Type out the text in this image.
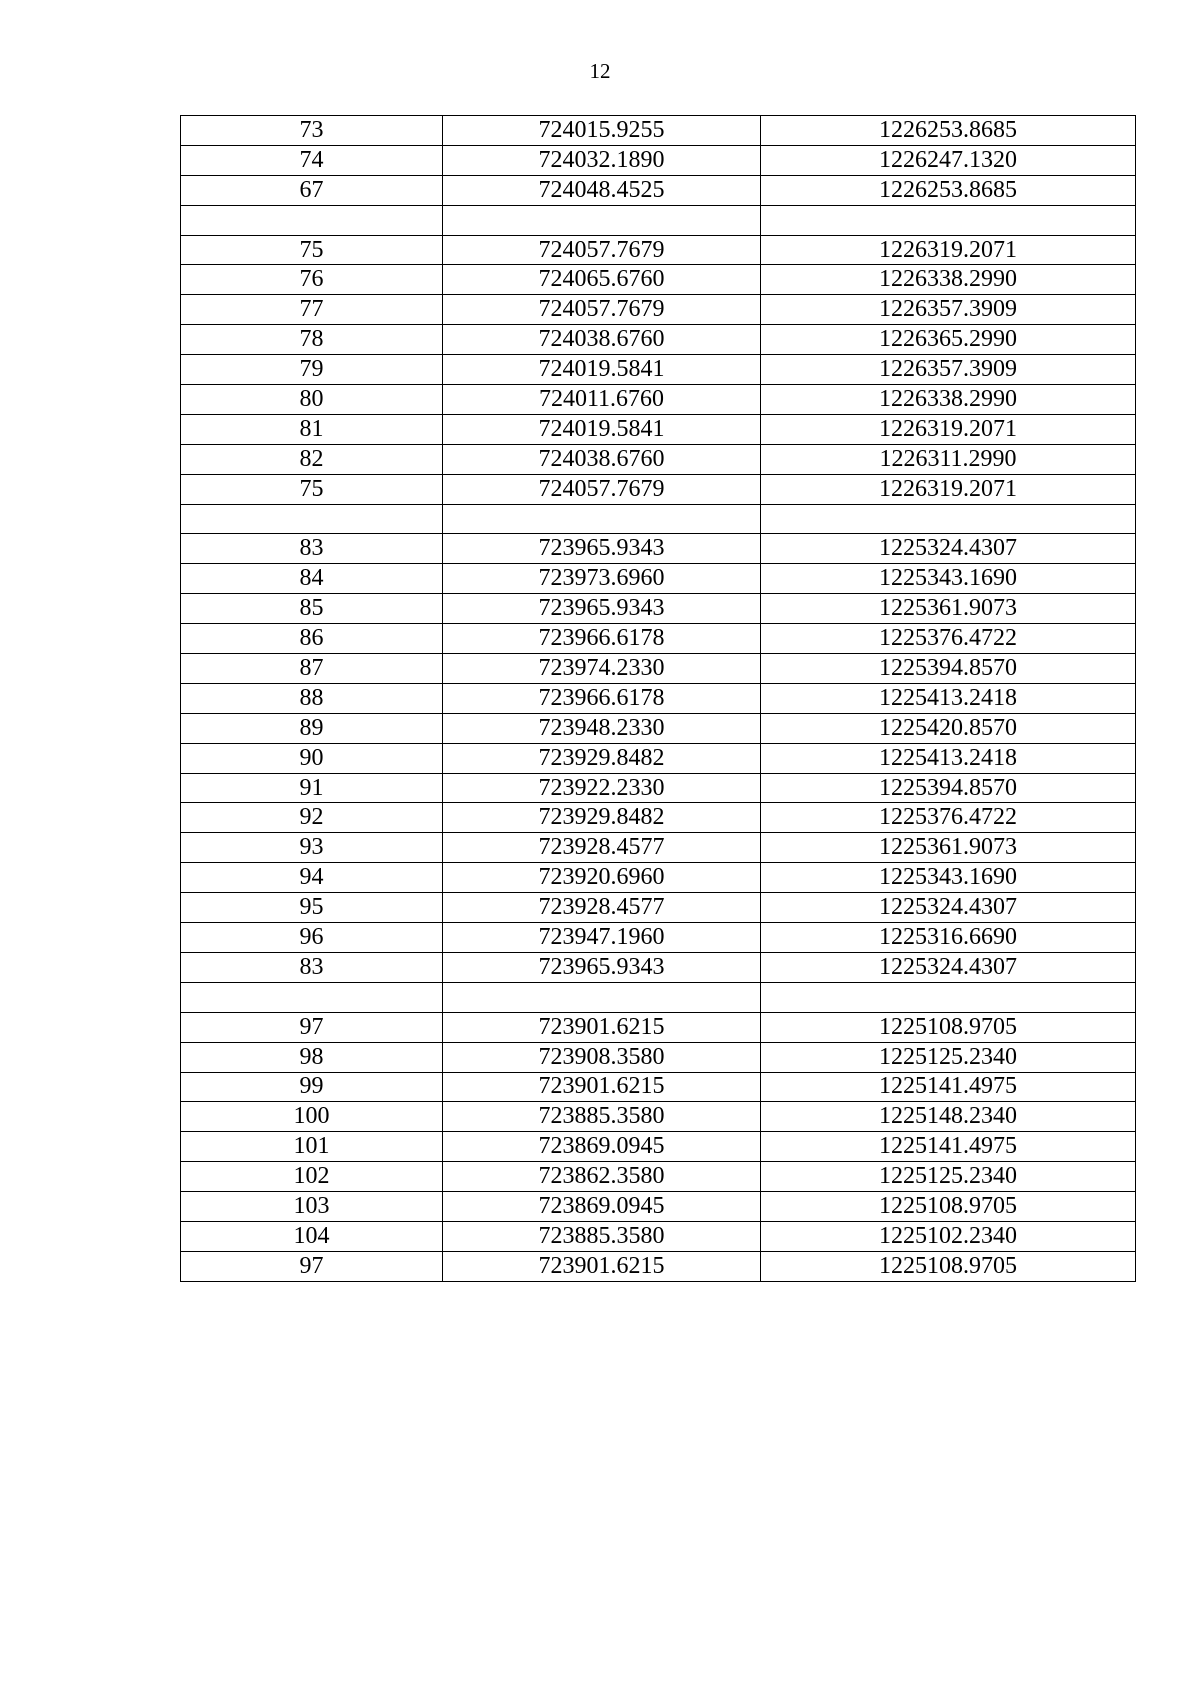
12
73	724015.9255	1226253.8685
74	724032.1890	1226247.1320
67	724048.4525	1226253.8685

75	724057.7679	1226319.2071
76	724065.6760	1226338.2990
77	724057.7679	1226357.3909
78	724038.6760	1226365.2990
79	724019.5841	1226357.3909
80	724011.6760	1226338.2990
81	724019.5841	1226319.2071
82	724038.6760	1226311.2990
75	724057.7679	1226319.2071

83	723965.9343	1225324.4307
84	723973.6960	1225343.1690
85	723965.9343	1225361.9073
86	723966.6178	1225376.4722
87	723974.2330	1225394.8570
88	723966.6178	1225413.2418
89	723948.2330	1225420.8570
90	723929.8482	1225413.2418
91	723922.2330	1225394.8570
92	723929.8482	1225376.4722
93	723928.4577	1225361.9073
94	723920.6960	1225343.1690
95	723928.4577	1225324.4307
96	723947.1960	1225316.6690
83	723965.9343	1225324.4307

97	723901.6215	1225108.9705
98	723908.3580	1225125.2340
99	723901.6215	1225141.4975
100	723885.3580	1225148.2340
101	723869.0945	1225141.4975
102	723862.3580	1225125.2340
103	723869.0945	1225108.9705
104	723885.3580	1225102.2340
97	723901.6215	1225108.9705
